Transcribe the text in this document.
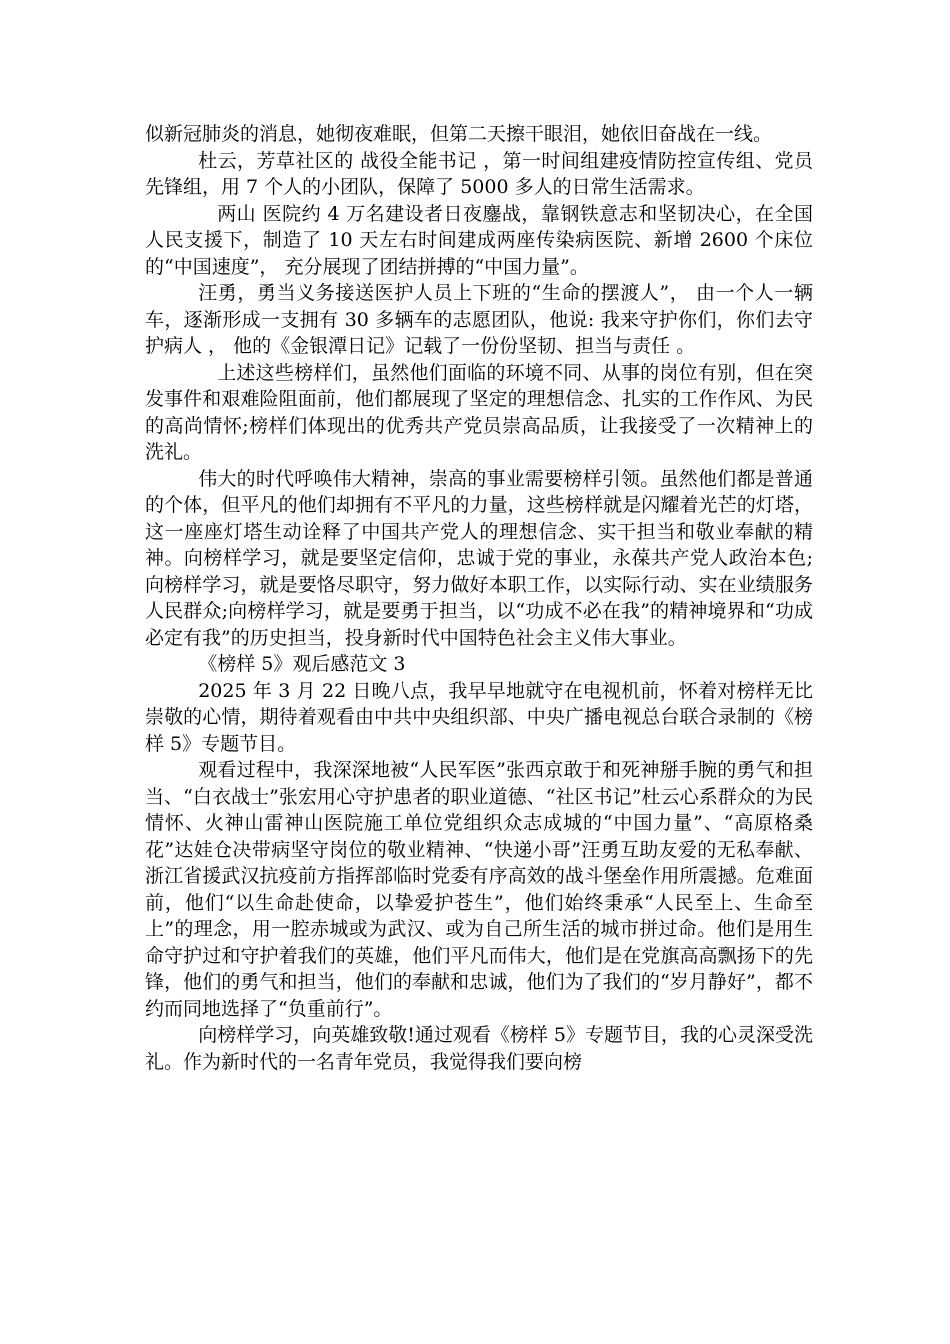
似新冠肺炎的消息，她彻夜难眠，但第二天擦干眼泪，她依旧奋战在一线。

杜云，芳草社区的 战役全能书记 ，第一时间组建疫情防控宣传组、党员先锋组，用 7 个人的小团队，保障了 5000 多人的日常生活需求。

两山 医院约 4 万名建设者日夜鏖战，靠钢铁意志和坚韧决心，在全国人民支援下，制造了 10 天左右时间建成两座传染病医院、新增 2600 个床位的“中国速度”， 充分展现了团结拼搏的“中国力量”。

汪勇，勇当义务接送医护人员上下班的“生命的摆渡人”， 由一个人一辆车，逐渐形成一支拥有 30 多辆车的志愿团队，他说: 我来守护你们，你们去守护病人 ， 他的《金银潭日记》记载了一份份坚韧、担当与责任 。

上述这些榜样们，虽然他们面临的环境不同、从事的岗位有别，但在突发事件和艰难险阻面前，他们都展现了坚定的理想信念、扎实的工作作风、为民的高尚情怀;榜样们体现出的优秀共产党员崇高品质，让我接受了一次精神上的洗礼。

伟大的时代呼唤伟大精神，崇高的事业需要榜样引领。虽然他们都是普通的个体，但平凡的他们却拥有不平凡的力量，这些榜样就是闪耀着光芒的灯塔，这一座座灯塔生动诠释了中国共产党人的理想信念、实干担当和敬业奉献的精神。向榜样学习，就是要坚定信仰，忠诚于党的事业，永葆共产党人政治本色;向榜样学习，就是要恪尽职守，努力做好本职工作，以实际行动、实在业绩服务人民群众;向榜样学习，就是要勇于担当，以“功成不必在我”的精神境界和“功成必定有我”的历史担当，投身新时代中国特色社会主义伟大事业。

《榜样 5》观后感范文 3

2025 年 3 月 22 日晚八点，我早早地就守在电视机前，怀着对榜样无比崇敬的心情，期待着观看由中共中央组织部、中央广播电视总台联合录制的《榜样 5》专题节目。

观看过程中，我深深地被“人民军医”张西京敢于和死神掰手腕的勇气和担当、“白衣战士”张宏用心守护患者的职业道德、“社区书记”杜云心系群众的为民情怀、火神山雷神山医院施工单位党组织众志成城的“中国力量”、“高原格桑花”达娃仓决带病坚守岗位的敬业精神、“快递小哥”汪勇互助友爱的无私奉献、浙江省援武汉抗疫前方指挥部临时党委有序高效的战斗堡垒作用所震撼。危难面前，他们“以生命赴使命，以挚爱护苍生”，他们始终秉承“人民至上、生命至上”的理念，用一腔赤城或为武汉、或为自己所生活的城市拼过命。他们是用生命守护过和守护着我们的英雄，他们平凡而伟大，他们是在党旗高高飘扬下的先锋，他们的勇气和担当，他们的奉献和忠诚，他们为了我们的“岁月静好”，都不约而同地选择了“负重前行”。

向榜样学习，向英雄致敬!通过观看《榜样 5》专题节目，我的心灵深受洗礼。作为新时代的一名青年党员，我觉得我们要向榜
